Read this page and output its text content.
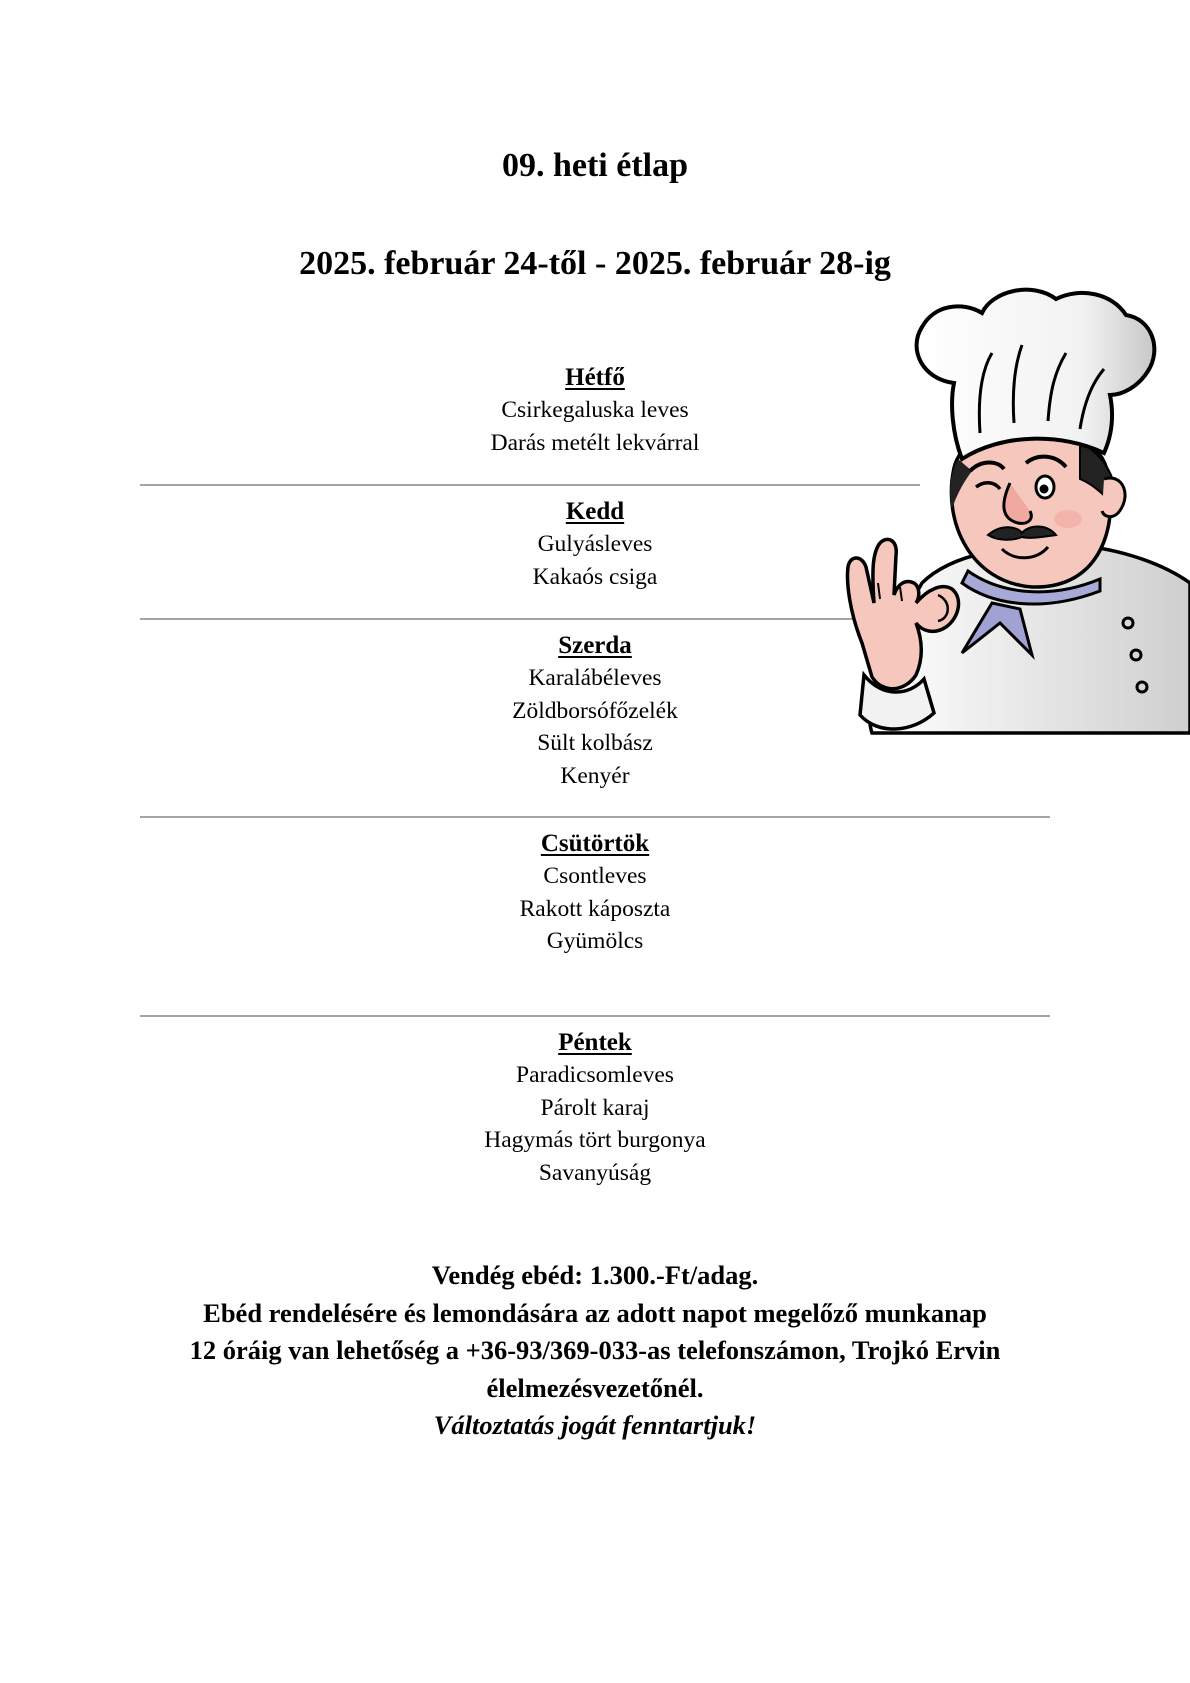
09. heti étlap
2025. február 24-től - 2025. február 28-ig
Hétfő
Csirkegaluska leves
Darás metélt lekvárral
Kedd
Gulyásleves
Kakaós csiga
Szerda
Karalábéleves
Zöldborsófőzelék
Sült kolbász
Kenyér
Csütörtök
Csontleves
Rakott káposzta
Gyümölcs
Péntek
Paradicsomleves
Párolt karaj
Hagymás tört burgonya
Savanyúság
Vendég ebéd: 1.300.-Ft/adag.
Ebéd rendelésére és lemondására az adott napot megelőző munkanap
12 óráig van lehetőség a +36-93/369-033-as telefonszámon, Trojkó Ervin
élelmezésvezetőnél.
Változtatás jogát fenntartjuk!
